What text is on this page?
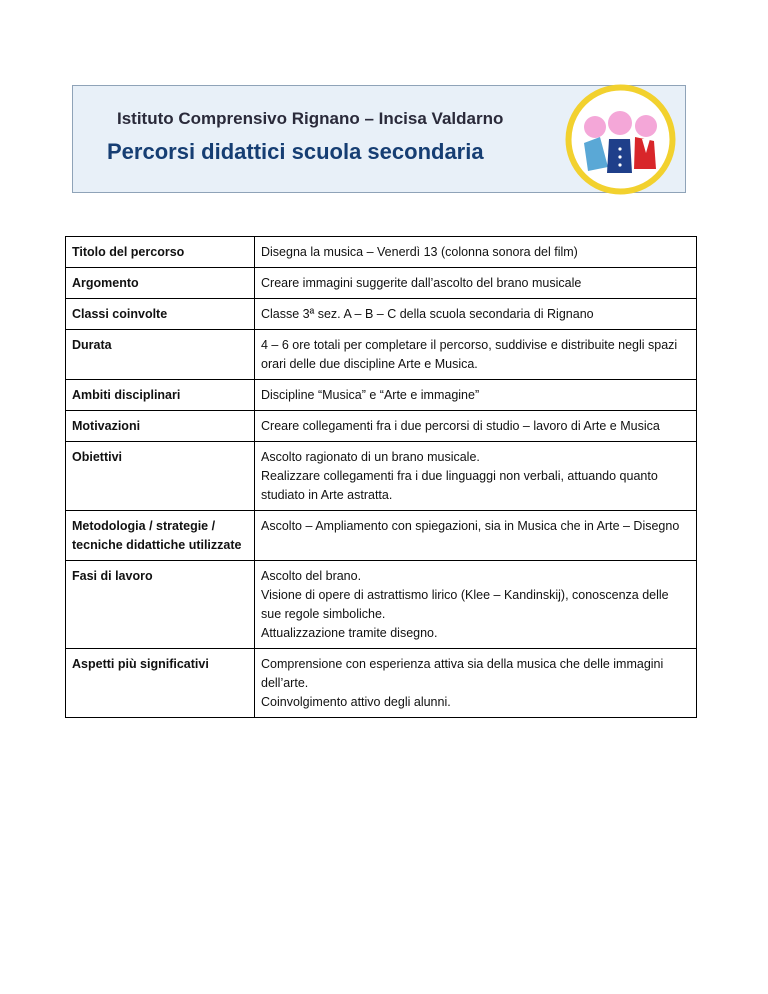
Istituto Comprensivo Rignano – Incisa Valdarno
Percorsi didattici scuola secondaria
Titolo del percorso	Disegna la musica – Venerdì 13 (colonna sonora del film)

Argomento	Creare immagini suggerite dall’ascolto del brano musicale

Classi coinvolte	Classe 3ª sez. A – B – C della scuola secondaria di Rignano

Durata	4 – 6 ore totali per completare il percorso, suddivise e distribuite negli spazi orari delle due discipline Arte e Musica.

Ambiti disciplinari	Discipline “Musica” e “Arte e immagine”

Motivazioni	Creare collegamenti fra i due percorsi di studio – lavoro di Arte e Musica

Obiettivi	Ascolto ragionato di un brano musicale.
Realizzare collegamenti fra i due linguaggi non verbali, attuando quanto studiato in Arte astratta.

Metodologia / strategie / tecniche didattiche utilizzate	Ascolto – Ampliamento con spiegazioni, sia in Musica che in Arte – Disegno

Fasi di lavoro	Ascolto del brano.
Visione di opere di astrattismo lirico (Klee – Kandinskij), conoscenza delle sue regole simboliche.
Attualizzazione tramite disegno.

Aspetti più significativi	Comprensione con esperienza attiva sia della musica che delle immagini dell’arte.
Coinvolgimento attivo degli alunni.
